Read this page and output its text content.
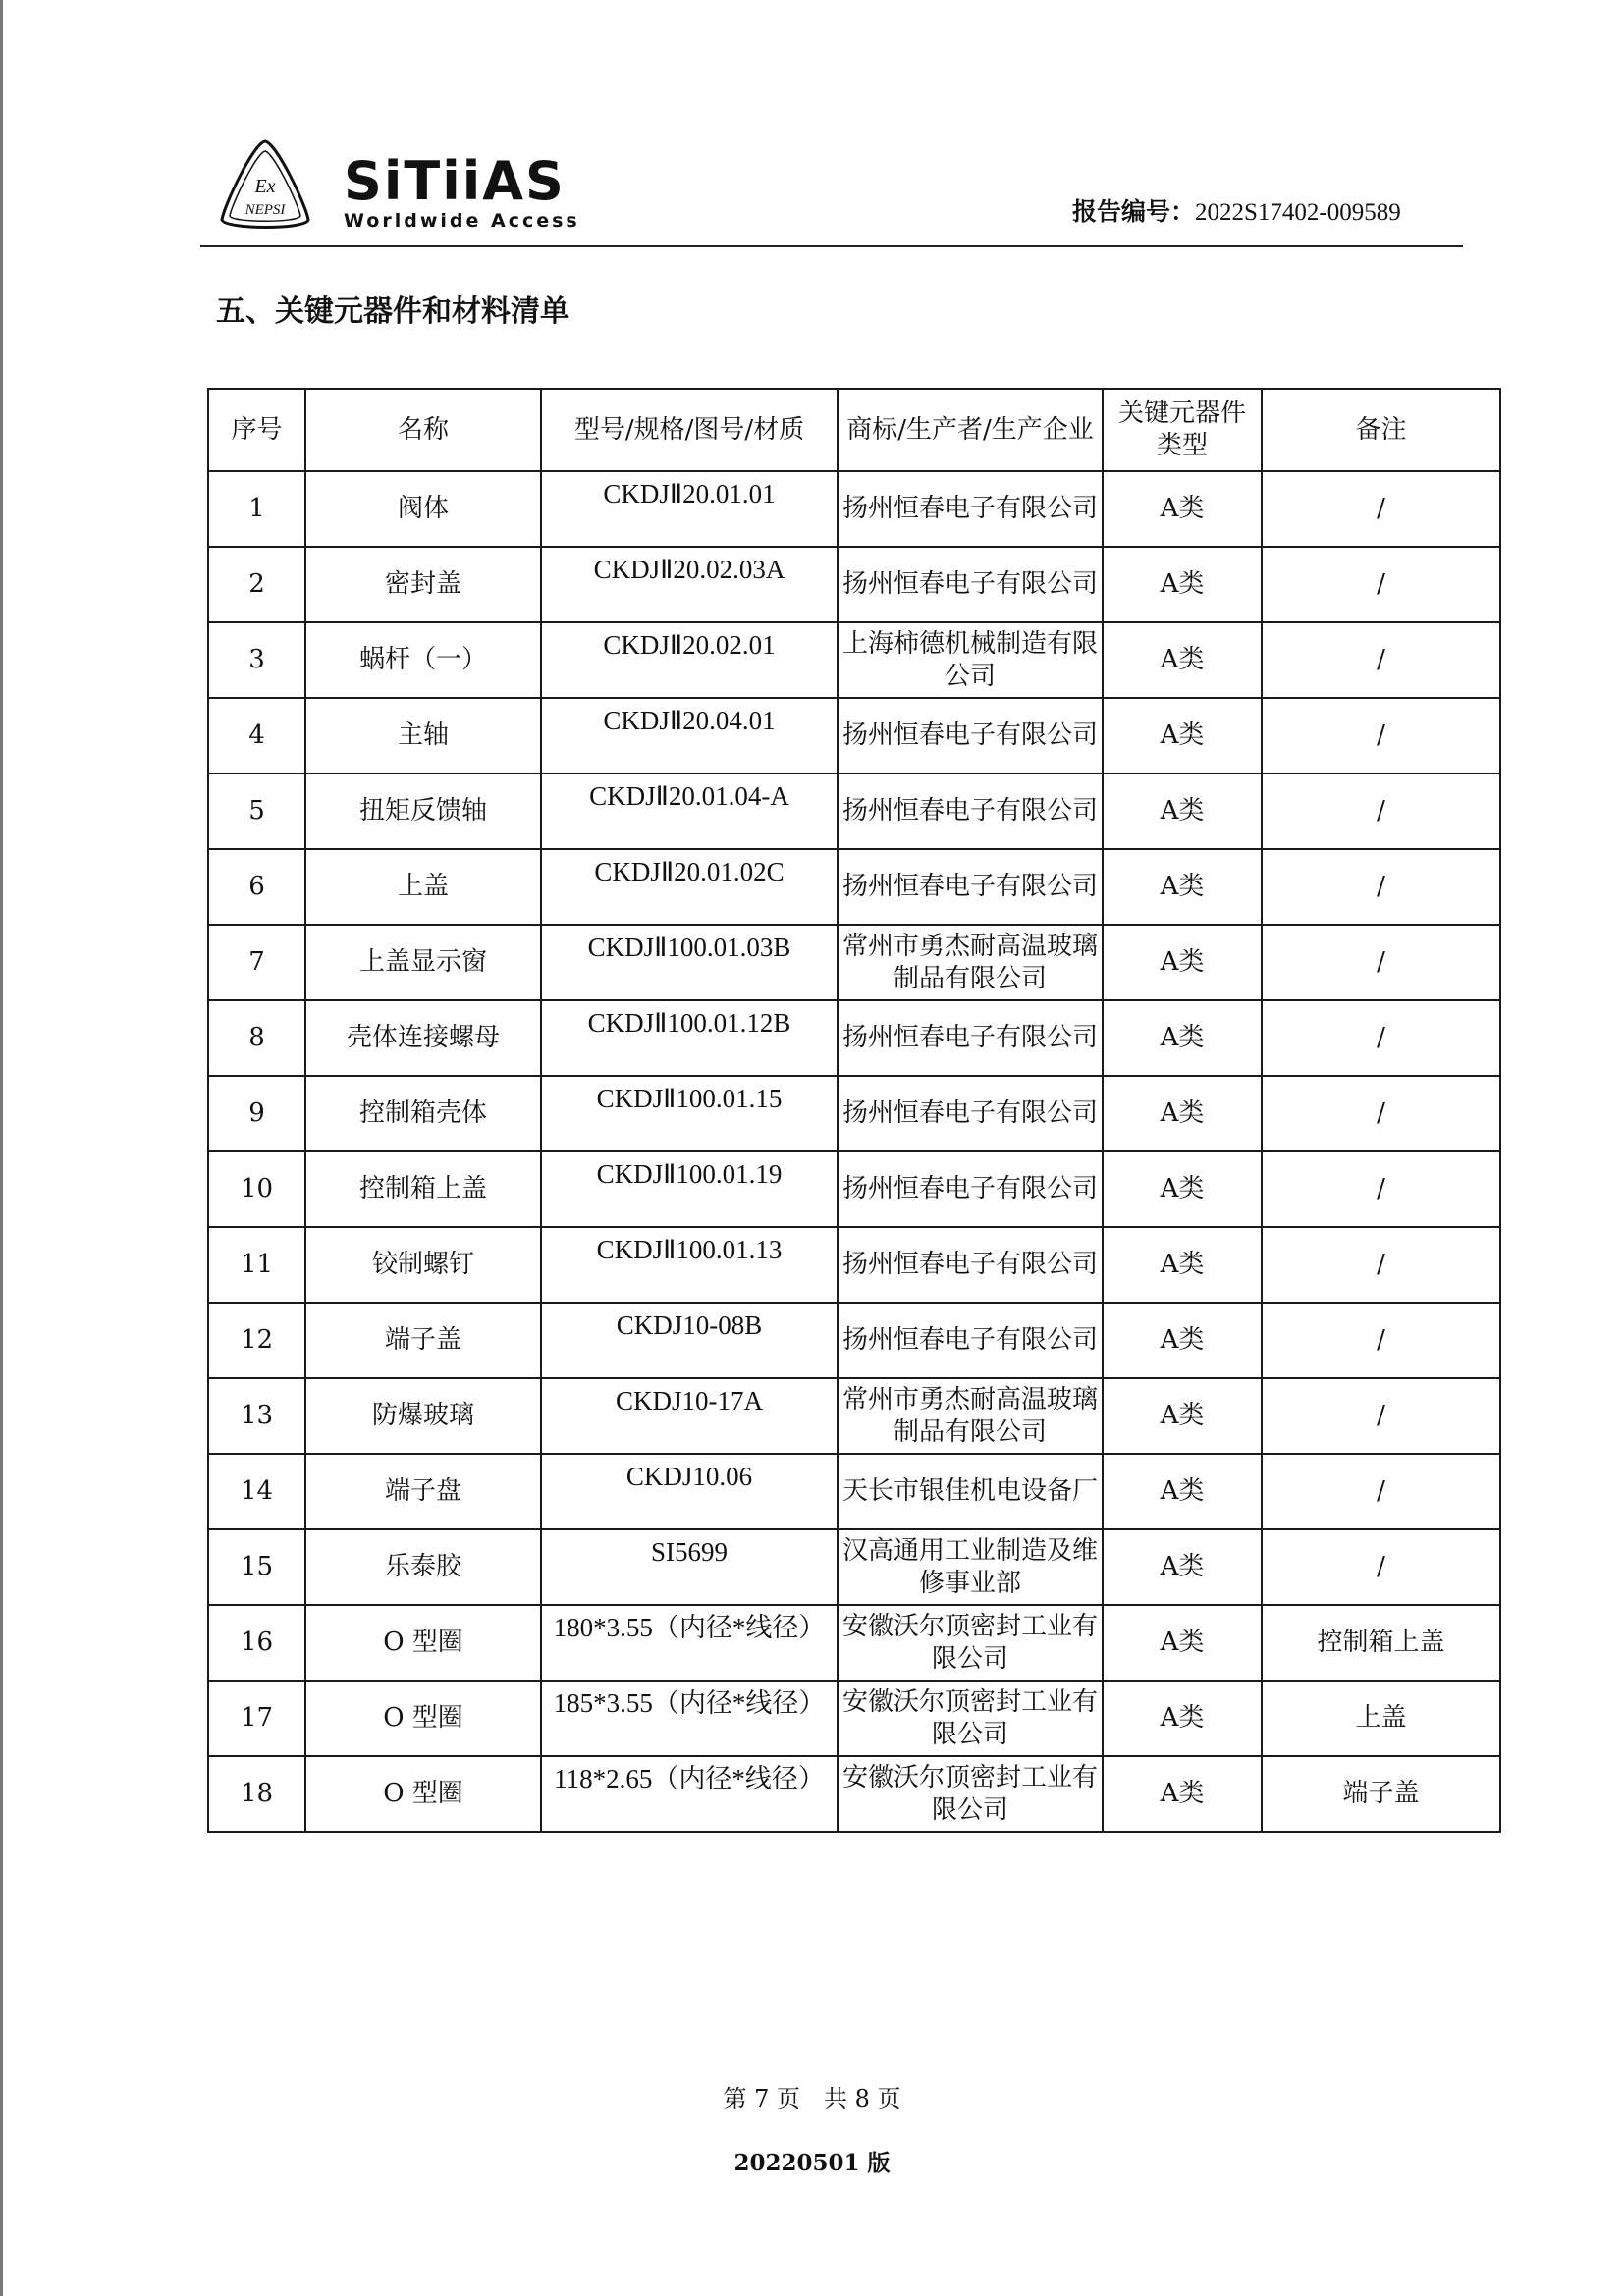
Ex
NEPSI SiTiiAS
Worldwide Access	报告编号：2022S17402-009589
五、关键元器件和材料清单
序号	名称	型号/规格/图号/材质	商标/生产者/生产企业	关键元器件类型	备注
1	阀体	CKDJⅡ20.01.01	扬州恒春电子有限公司	A类	/
2	密封盖	CKDJⅡ20.02.03A	扬州恒春电子有限公司	A类	/
3	蜗杆（一）	CKDJⅡ20.02.01	上海柿德机械制造有限公司	A类	/
4	主轴	CKDJⅡ20.04.01	扬州恒春电子有限公司	A类	/
5	扭矩反馈轴	CKDJⅡ20.01.04-A	扬州恒春电子有限公司	A类	/
6	上盖	CKDJⅡ20.01.02C	扬州恒春电子有限公司	A类	/
7	上盖显示窗	CKDJⅡ100.01.03B	常州市勇杰耐高温玻璃制品有限公司	A类	/
8	壳体连接螺母	CKDJⅡ100.01.12B	扬州恒春电子有限公司	A类	/
9	控制箱壳体	CKDJⅡ100.01.15	扬州恒春电子有限公司	A类	/
10	控制箱上盖	CKDJⅡ100.01.19	扬州恒春电子有限公司	A类	/
11	铰制螺钉	CKDJⅡ100.01.13	扬州恒春电子有限公司	A类	/
12	端子盖	CKDJ10-08B	扬州恒春电子有限公司	A类	/
13	防爆玻璃	CKDJ10-17A	常州市勇杰耐高温玻璃制品有限公司	A类	/
14	端子盘	CKDJ10.06	天长市银佳机电设备厂	A类	/
15	乐泰胶	SI5699	汉高通用工业制造及维修事业部	A类	/
16	O 型圈	180*3.55（内径*线径）	安徽沃尔顶密封工业有限公司	A类	控制箱上盖
17	O 型圈	185*3.55（内径*线径）	安徽沃尔顶密封工业有限公司	A类	上盖
18	O 型圈	118*2.65（内径*线径）	安徽沃尔顶密封工业有限公司	A类	端子盖
第 7 页　共 8 页
20220501 版
